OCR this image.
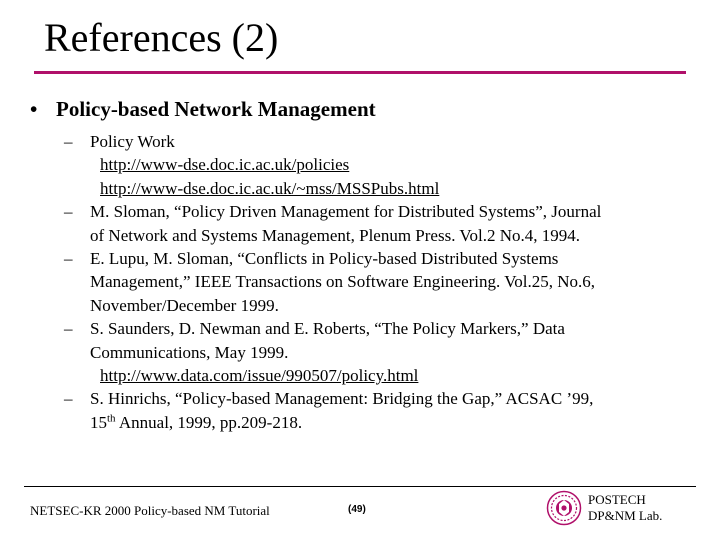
References (2)
• Policy-based Network Management
– Policy Work
http://www-dse.doc.ic.ac.uk/policies
http://www-dse.doc.ic.ac.uk/~mss/MSSPubs.html
– M. Sloman, “Policy Driven Management for Distributed Systems”, Journal
of Network and Systems Management, Plenum Press. Vol.2 No.4, 1994.
– E. Lupu, M. Sloman, “Conflicts in Policy-based Distributed Systems
Management,” IEEE Transactions on Software Engineering. Vol.25, No.6,
November/December 1999.
– S. Saunders, D. Newman and E. Roberts, “The Policy Markers,” Data
Communications, May 1999.
http://www.data.com/issue/990507/policy.html
– S. Hinrichs, “Policy-based Management: Bridging the Gap,” ACSAC ’99,
15th Annual, 1999, pp.209-218.
NETSEC-KR 2000 Policy-based NM Tutorial	(49)
POSTECH
DP&NM Lab.
